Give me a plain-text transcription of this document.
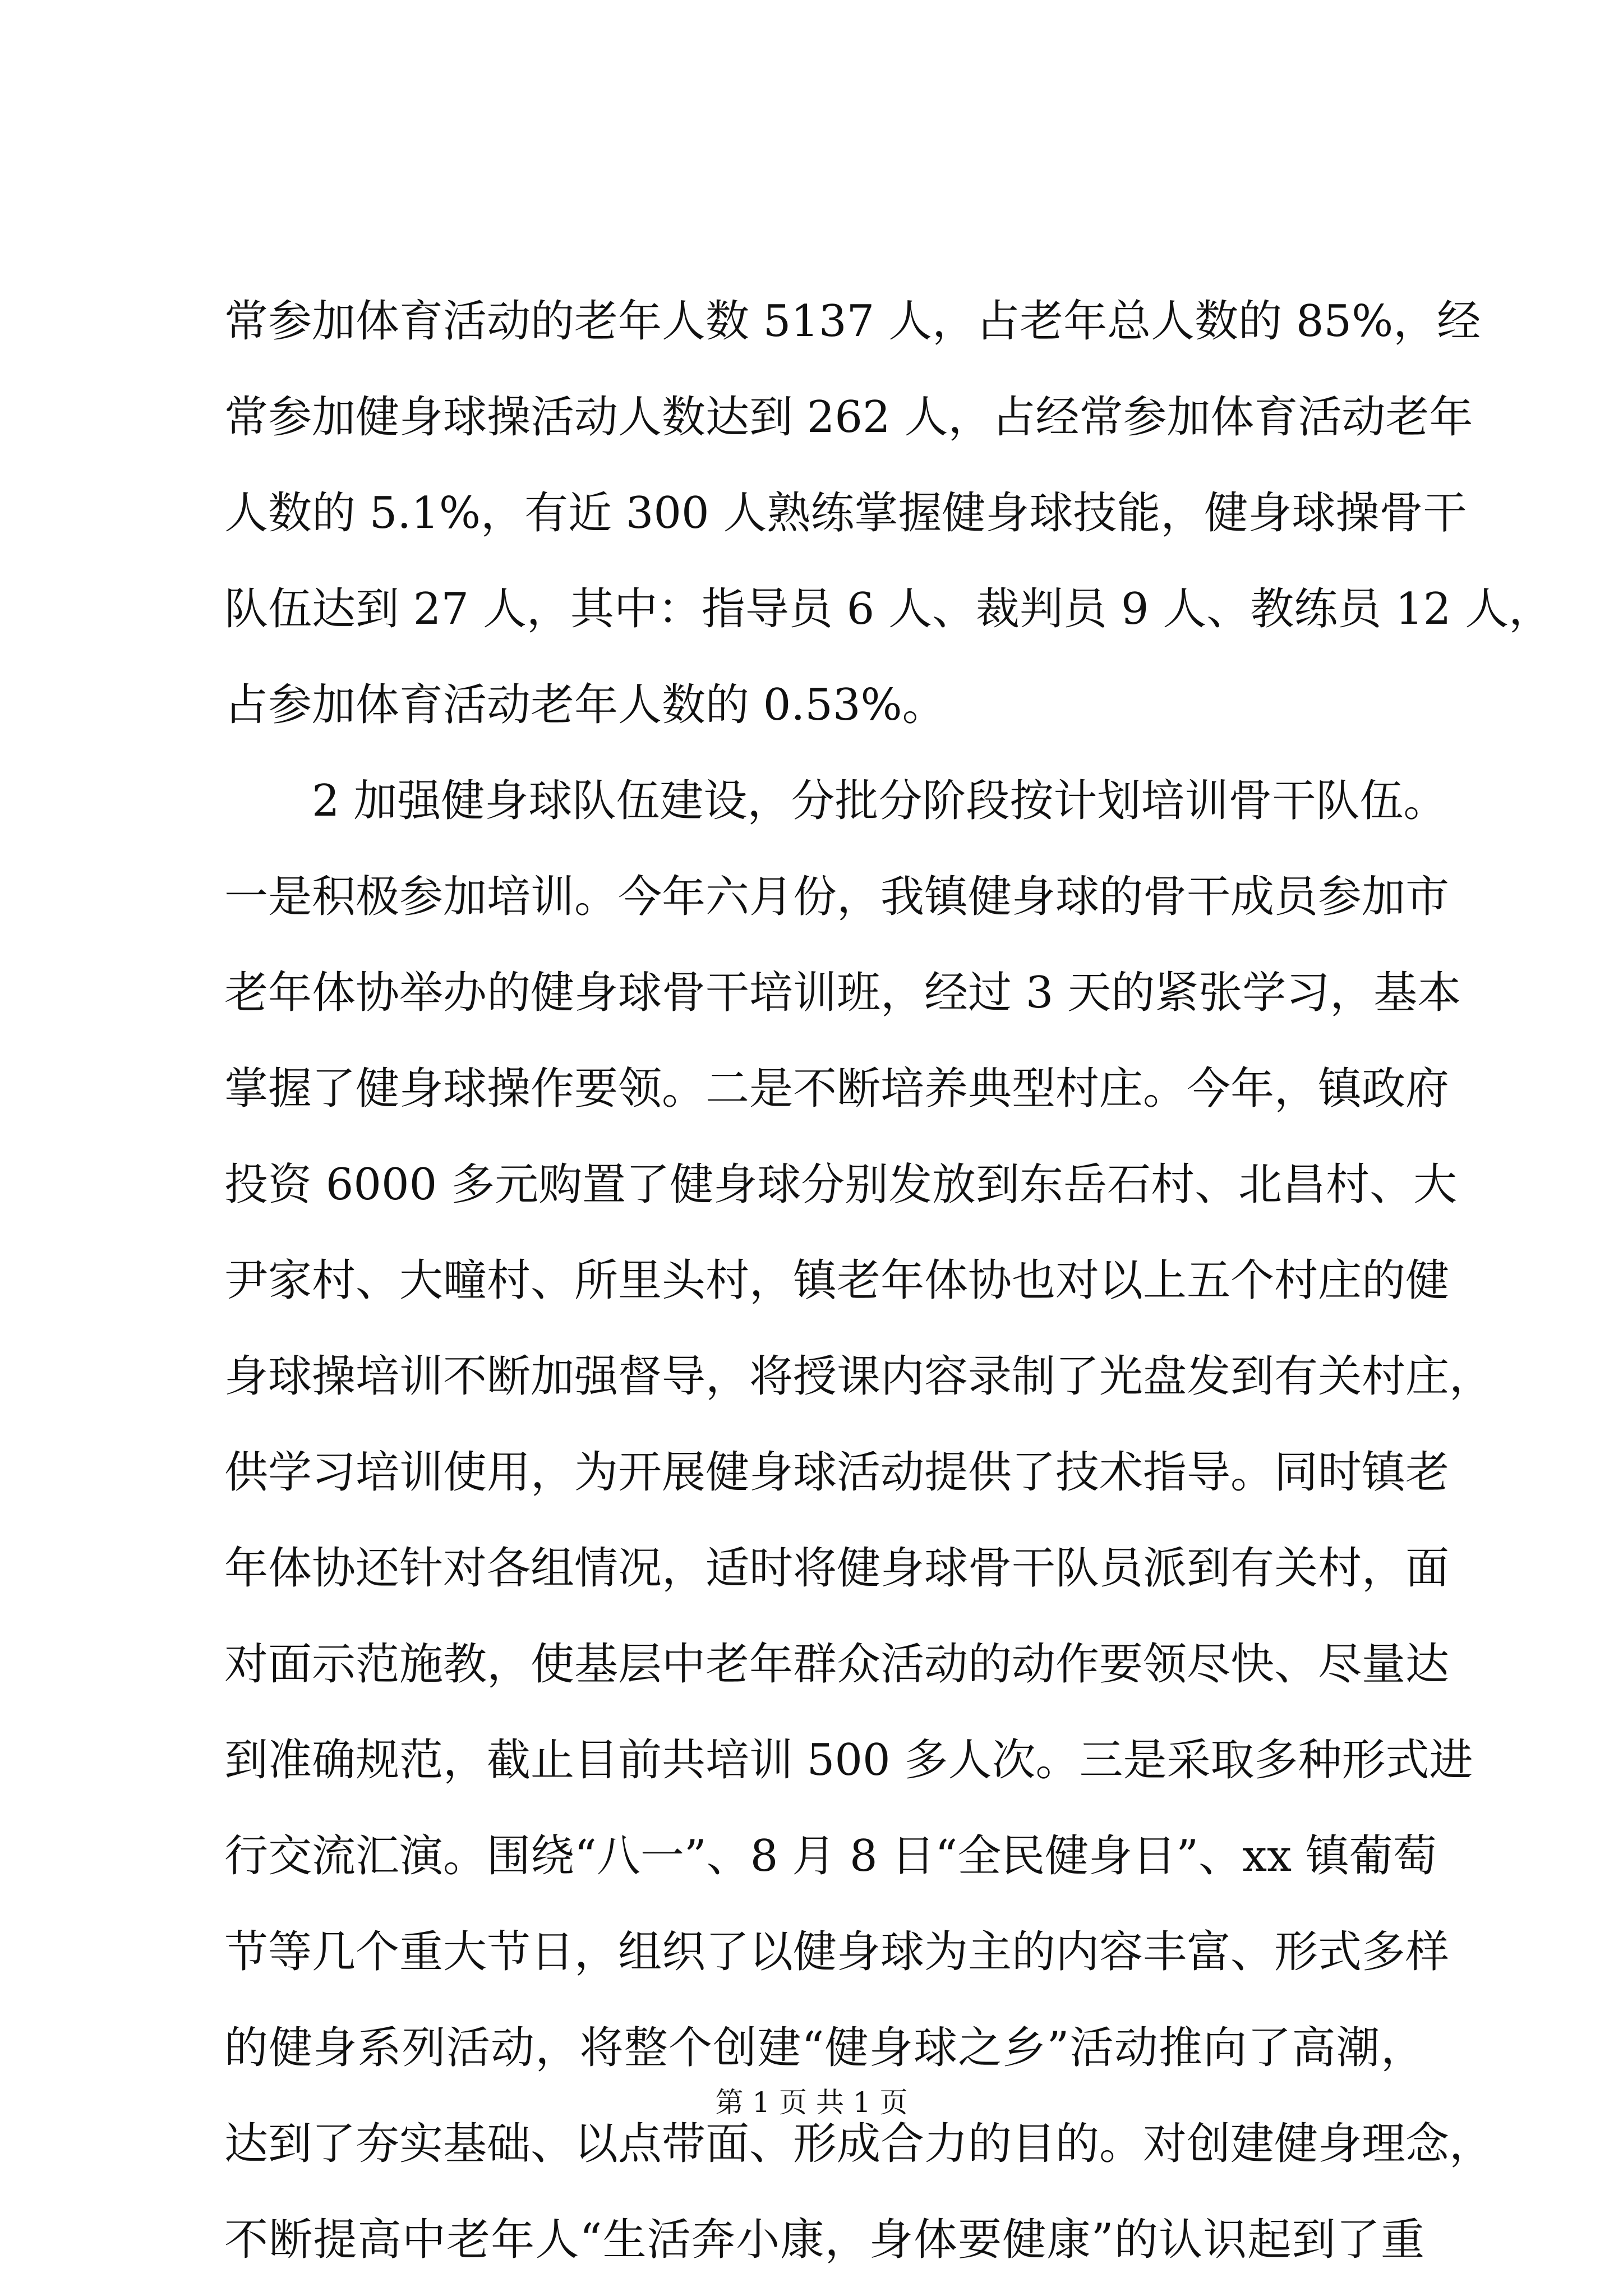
常参加体育活动的老年人数 5137 人，占老年总人数的 85%，经
常参加健身球操活动人数达到 262 人，占经常参加体育活动老年
人数的 5.1%，有近 300 人熟练掌握健身球技能，健身球操骨干
队伍达到 27 人，其中：指导员 6 人、裁判员 9 人、教练员 12 人，
占参加体育活动老年人数的 0.53%。
2 加强健身球队伍建设，分批分阶段按计划培训骨干队伍。
一是积极参加培训。今年六月份，我镇健身球的骨干成员参加市
老年体协举办的健身球骨干培训班，经过 3 天的紧张学习，基本
掌握了健身球操作要领。二是不断培养典型村庄。今年，镇政府
投资 6000 多元购置了健身球分别发放到东岳石村、北昌村、大
尹家村、大疃村、所里头村，镇老年体协也对以上五个村庄的健
身球操培训不断加强督导，将授课内容录制了光盘发到有关村庄，
供学习培训使用，为开展健身球活动提供了技术指导。同时镇老
年体协还针对各组情况，适时将健身球骨干队员派到有关村，面
对面示范施教，使基层中老年群众活动的动作要领尽快、尽量达
到准确规范，截止目前共培训 500 多人次。三是采取多种形式进
行交流汇演。围绕“八一”、8 月 8 日“全民健身日”、xx 镇葡萄
节等几个重大节日，组织了以健身球为主的内容丰富、形式多样
的健身系列活动，将整个创建“健身球之乡”活动推向了高潮，
达到了夯实基础、以点带面、形成合力的目的。对创建健身理念，
不断提高中老年人“生活奔小康，身体要健康”的认识起到了重
第 1 页 共 1 页
